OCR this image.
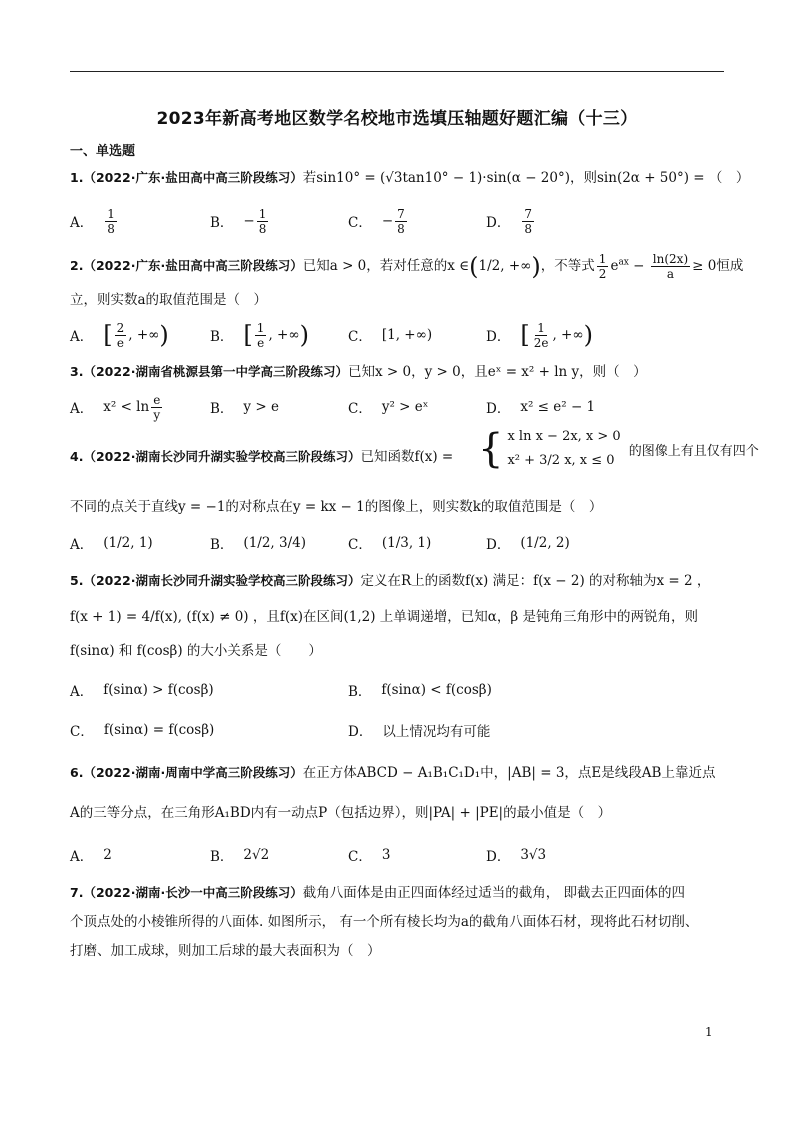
2023年新高考地区数学名校地市选填压轴题好题汇编（十三）
一、单选题
1.（2022·广东·盐田高中高三阶段练习）若sin10° = (√3tan10° − 1)·sin(α − 20°)，则sin(2α + 50°) = （　）
A． $\frac{1}{8}$	B． − $\frac{1}{8}$	C． − $\frac{7}{8}$	D． $\frac{7}{8}$
2.（2022·广东·盐田高中高三阶段练习）已知a > 0，若对任意的x ∈(1/2, +∞)，不等式 $\frac{1}{2} e^{ax} - \frac{\ln(2x)}{a} \ge 0$恒成
立，则实数a的取值范围是（　）
A． [ $\frac{2}{e}$ , +∞ )	B． [ $\frac{1}{e}$ , +∞ )	C． [1, +∞)	D． [ $\frac{1}{2e}$ , +∞ )
3.（2022·湖南省桃源县第一中学高三阶段练习）已知x > 0，y > 0，且eˣ = x² + ln y，则（　）
A． $x^2 < \ln \frac{e}{y}$	B． y > e	C． y² > eˣ	D． x² ≤ e² − 1
4.（2022·湖南长沙同升湖实验学校高三阶段练习）已知函数f(x) = { x ln x − 2x, x > 0
x² + 3/2 x, x ≤ 0
的图像上有且仅有四个
不同的点关于直线y = −1的对称点在y = kx − 1的图像上，则实数k的取值范围是（　）
A． (1/2, 1)	B． (1/2, 3/4)	C． (1/3, 1)	D． (1/2, 2)
5.（2022·湖南长沙同升湖实验学校高三阶段练习）定义在R上的函数f(x) 满足：f(x − 2) 的对称轴为x = 2 ，
f(x + 1) = 4/f(x), (f(x) ≠ 0) ，且f(x)在区间(1,2) 上单调递增，已知α，β 是钝角三角形中的两锐角，则
f(sinα) 和 f(cosβ) 的大小关系是（　　）
A． f(sinα) > f(cosβ)	B． f(sinα) < f(cosβ)
C． f(sinα) = f(cosβ)	D． 以上情况均有可能
6.（2022·湖南·周南中学高三阶段练习）在正方体ABCD − A₁B₁C₁D₁中，|AB| = 3，点E是线段AB上靠近点
A的三等分点，在三角形A₁BD内有一动点P（包括边界），则|PA| + |PE|的最小值是（　）
A． 2	B． 2√2	C． 3	D． 3√3
7.（2022·湖南·长沙一中高三阶段练习）截角八面体是由正四面体经过适当的截角， 即截去正四面体的四
个顶点处的小棱锥所得的八面体. 如图所示， 有一个所有棱长均为a的截角八面体石材，现将此石材切削、
打磨、加工成球，则加工后球的最大表面积为（　）
1
